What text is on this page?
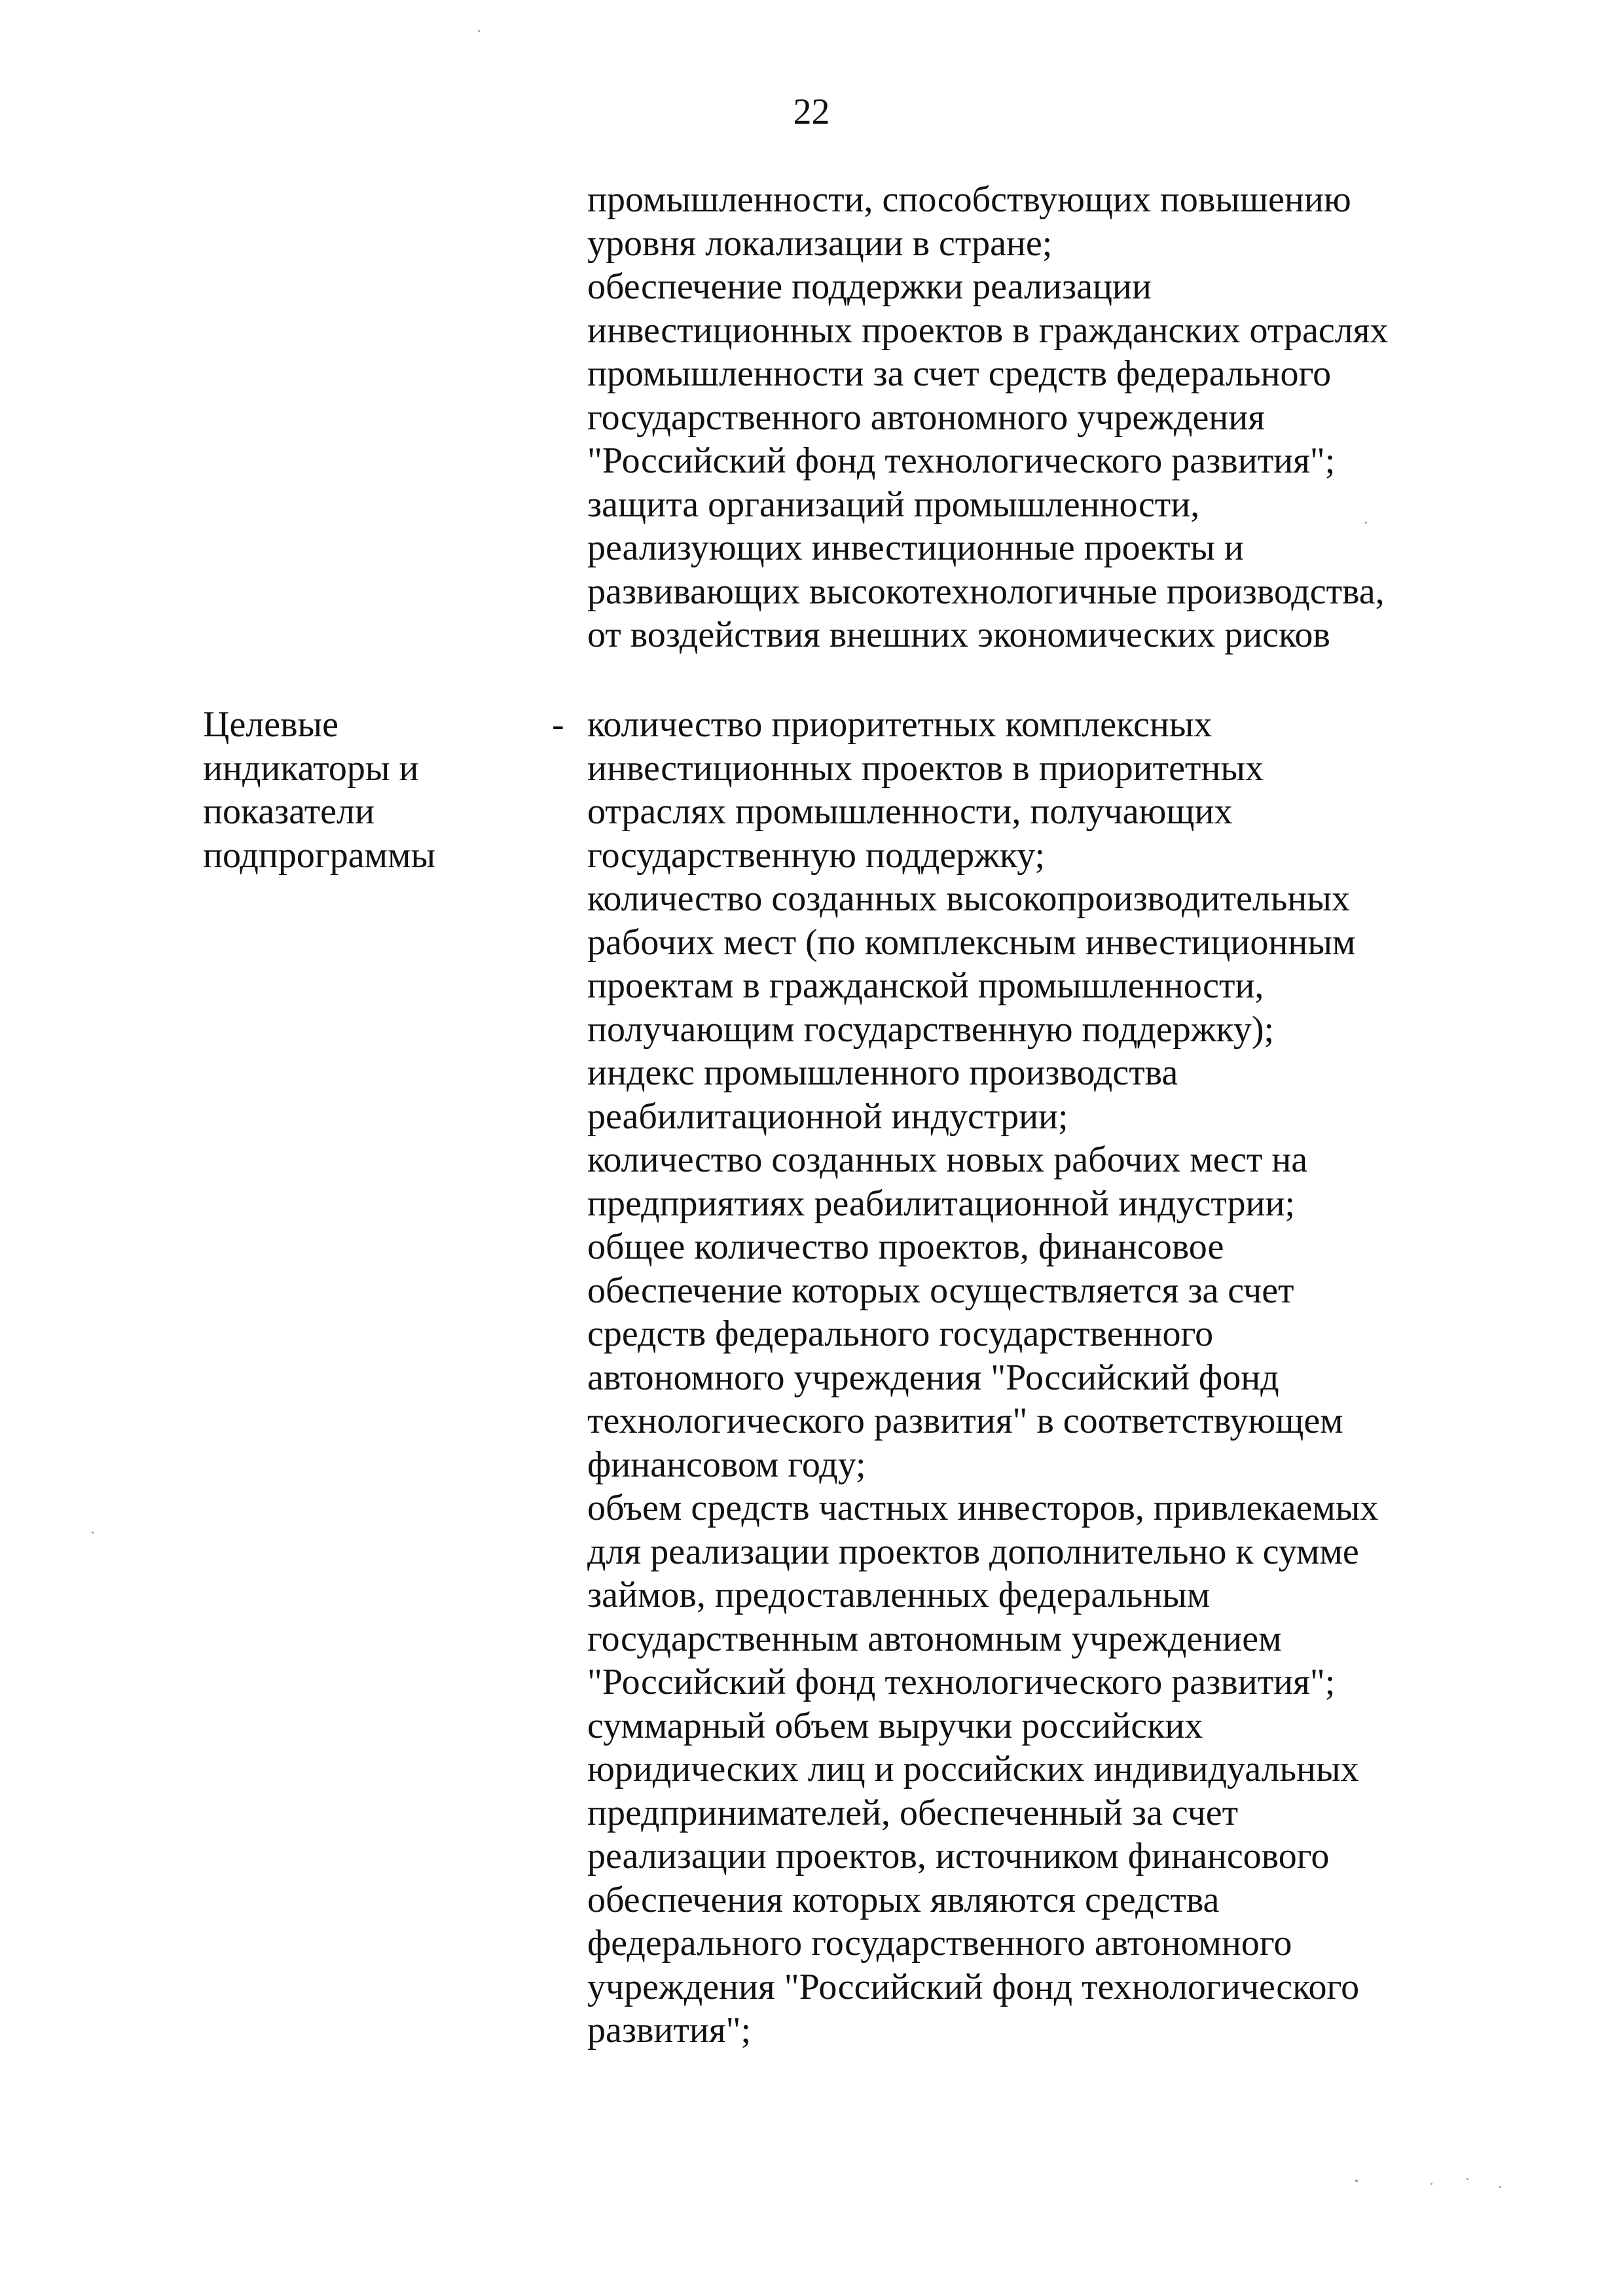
22
промышленности, способствующих повышению
уровня локализации в стране;
обеспечение поддержки реализации
инвестиционных проектов в гражданских отраслях
промышленности за счет средств федерального
государственного автономного учреждения
"Российский фонд технологического развития";
защита организаций промышленности,
реализующих инвестиционные проекты и
развивающих высокотехнологичные производства,
от воздействия внешних экономических рисков
Целевые
индикаторы и
показатели
подпрограммы
- количество приоритетных комплексных
инвестиционных проектов в приоритетных
отраслях промышленности, получающих
государственную поддержку;
количество созданных высокопроизводительных
рабочих мест (по комплексным инвестиционным
проектам в гражданской промышленности,
получающим государственную поддержку);
индекс промышленного производства
реабилитационной индустрии;
количество созданных новых рабочих мест на
предприятиях реабилитационной индустрии;
общее количество проектов, финансовое
обеспечение которых осуществляется за счет
средств федерального государственного
автономного учреждения "Российский фонд
технологического развития" в соответствующем
финансовом году;
объем средств частных инвесторов, привлекаемых
для реализации проектов дополнительно к сумме
займов, предоставленных федеральным
государственным автономным учреждением
"Российский фонд технологического развития";
суммарный объем выручки российских
юридических лиц и российских индивидуальных
предпринимателей, обеспеченный за счет
реализации проектов, источником финансового
обеспечения которых являются средства
федерального государственного автономного
учреждения "Российский фонд технологического
развития";
